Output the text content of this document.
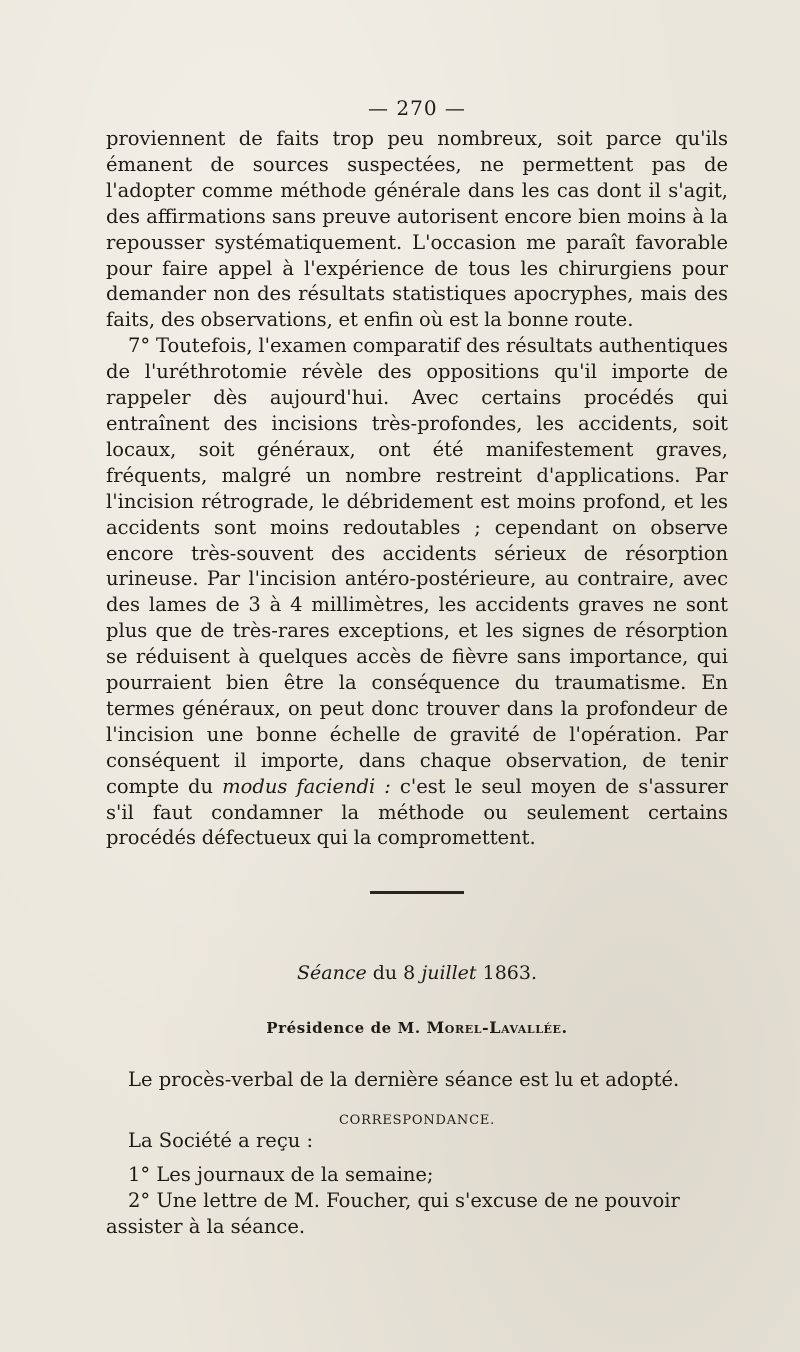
— 270 —

proviennent de faits trop peu nombreux, soit parce qu'ils émanent de sources suspectées, ne permettent pas de l'adopter comme méthode générale dans les cas dont il s'agit, des affirmations sans preuve autorisent encore bien moins à la repousser systématiquement. L'occasion me paraît favorable pour faire appel à l'expérience de tous les chirurgiens pour demander non des résultats statistiques apocryphes, mais des faits, des observations, et enfin où est la bonne route.

7° Toutefois, l'examen comparatif des résultats authentiques de l'uréthrotomie révèle des oppositions qu'il importe de rappeler dès aujourd'hui. Avec certains procédés qui entraînent des incisions très-profondes, les accidents, soit locaux, soit généraux, ont été manifestement graves, fréquents, malgré un nombre restreint d'applications. Par l'incision rétrograde, le débridement est moins profond, et les accidents sont moins redoutables ; cependant on observe encore très-souvent des accidents sérieux de résorption urineuse. Par l'incision antéro-postérieure, au contraire, avec des lames de 3 à 4 millimètres, les accidents graves ne sont plus que de très-rares exceptions, et les signes de résorption se réduisent à quelques accès de fièvre sans importance, qui pourraient bien être la conséquence du traumatisme. En termes généraux, on peut donc trouver dans la profondeur de l'incision une bonne échelle de gravité de l'opération. Par conséquent il importe, dans chaque observation, de tenir compte du modus faciendi : c'est le seul moyen de s'assurer s'il faut condamner la méthode ou seulement certains procédés défectueux qui la compromettent.

Séance du 8 juillet 1863.
Présidence de M. Morel-Lavallée.

Le procès-verbal de la dernière séance est lu et adopté.

CORRESPONDANCE.

La Société a reçu :

1° Les journaux de la semaine;

2° Une lettre de M. Foucher, qui s'excuse de ne pouvoir assister à la séance.
